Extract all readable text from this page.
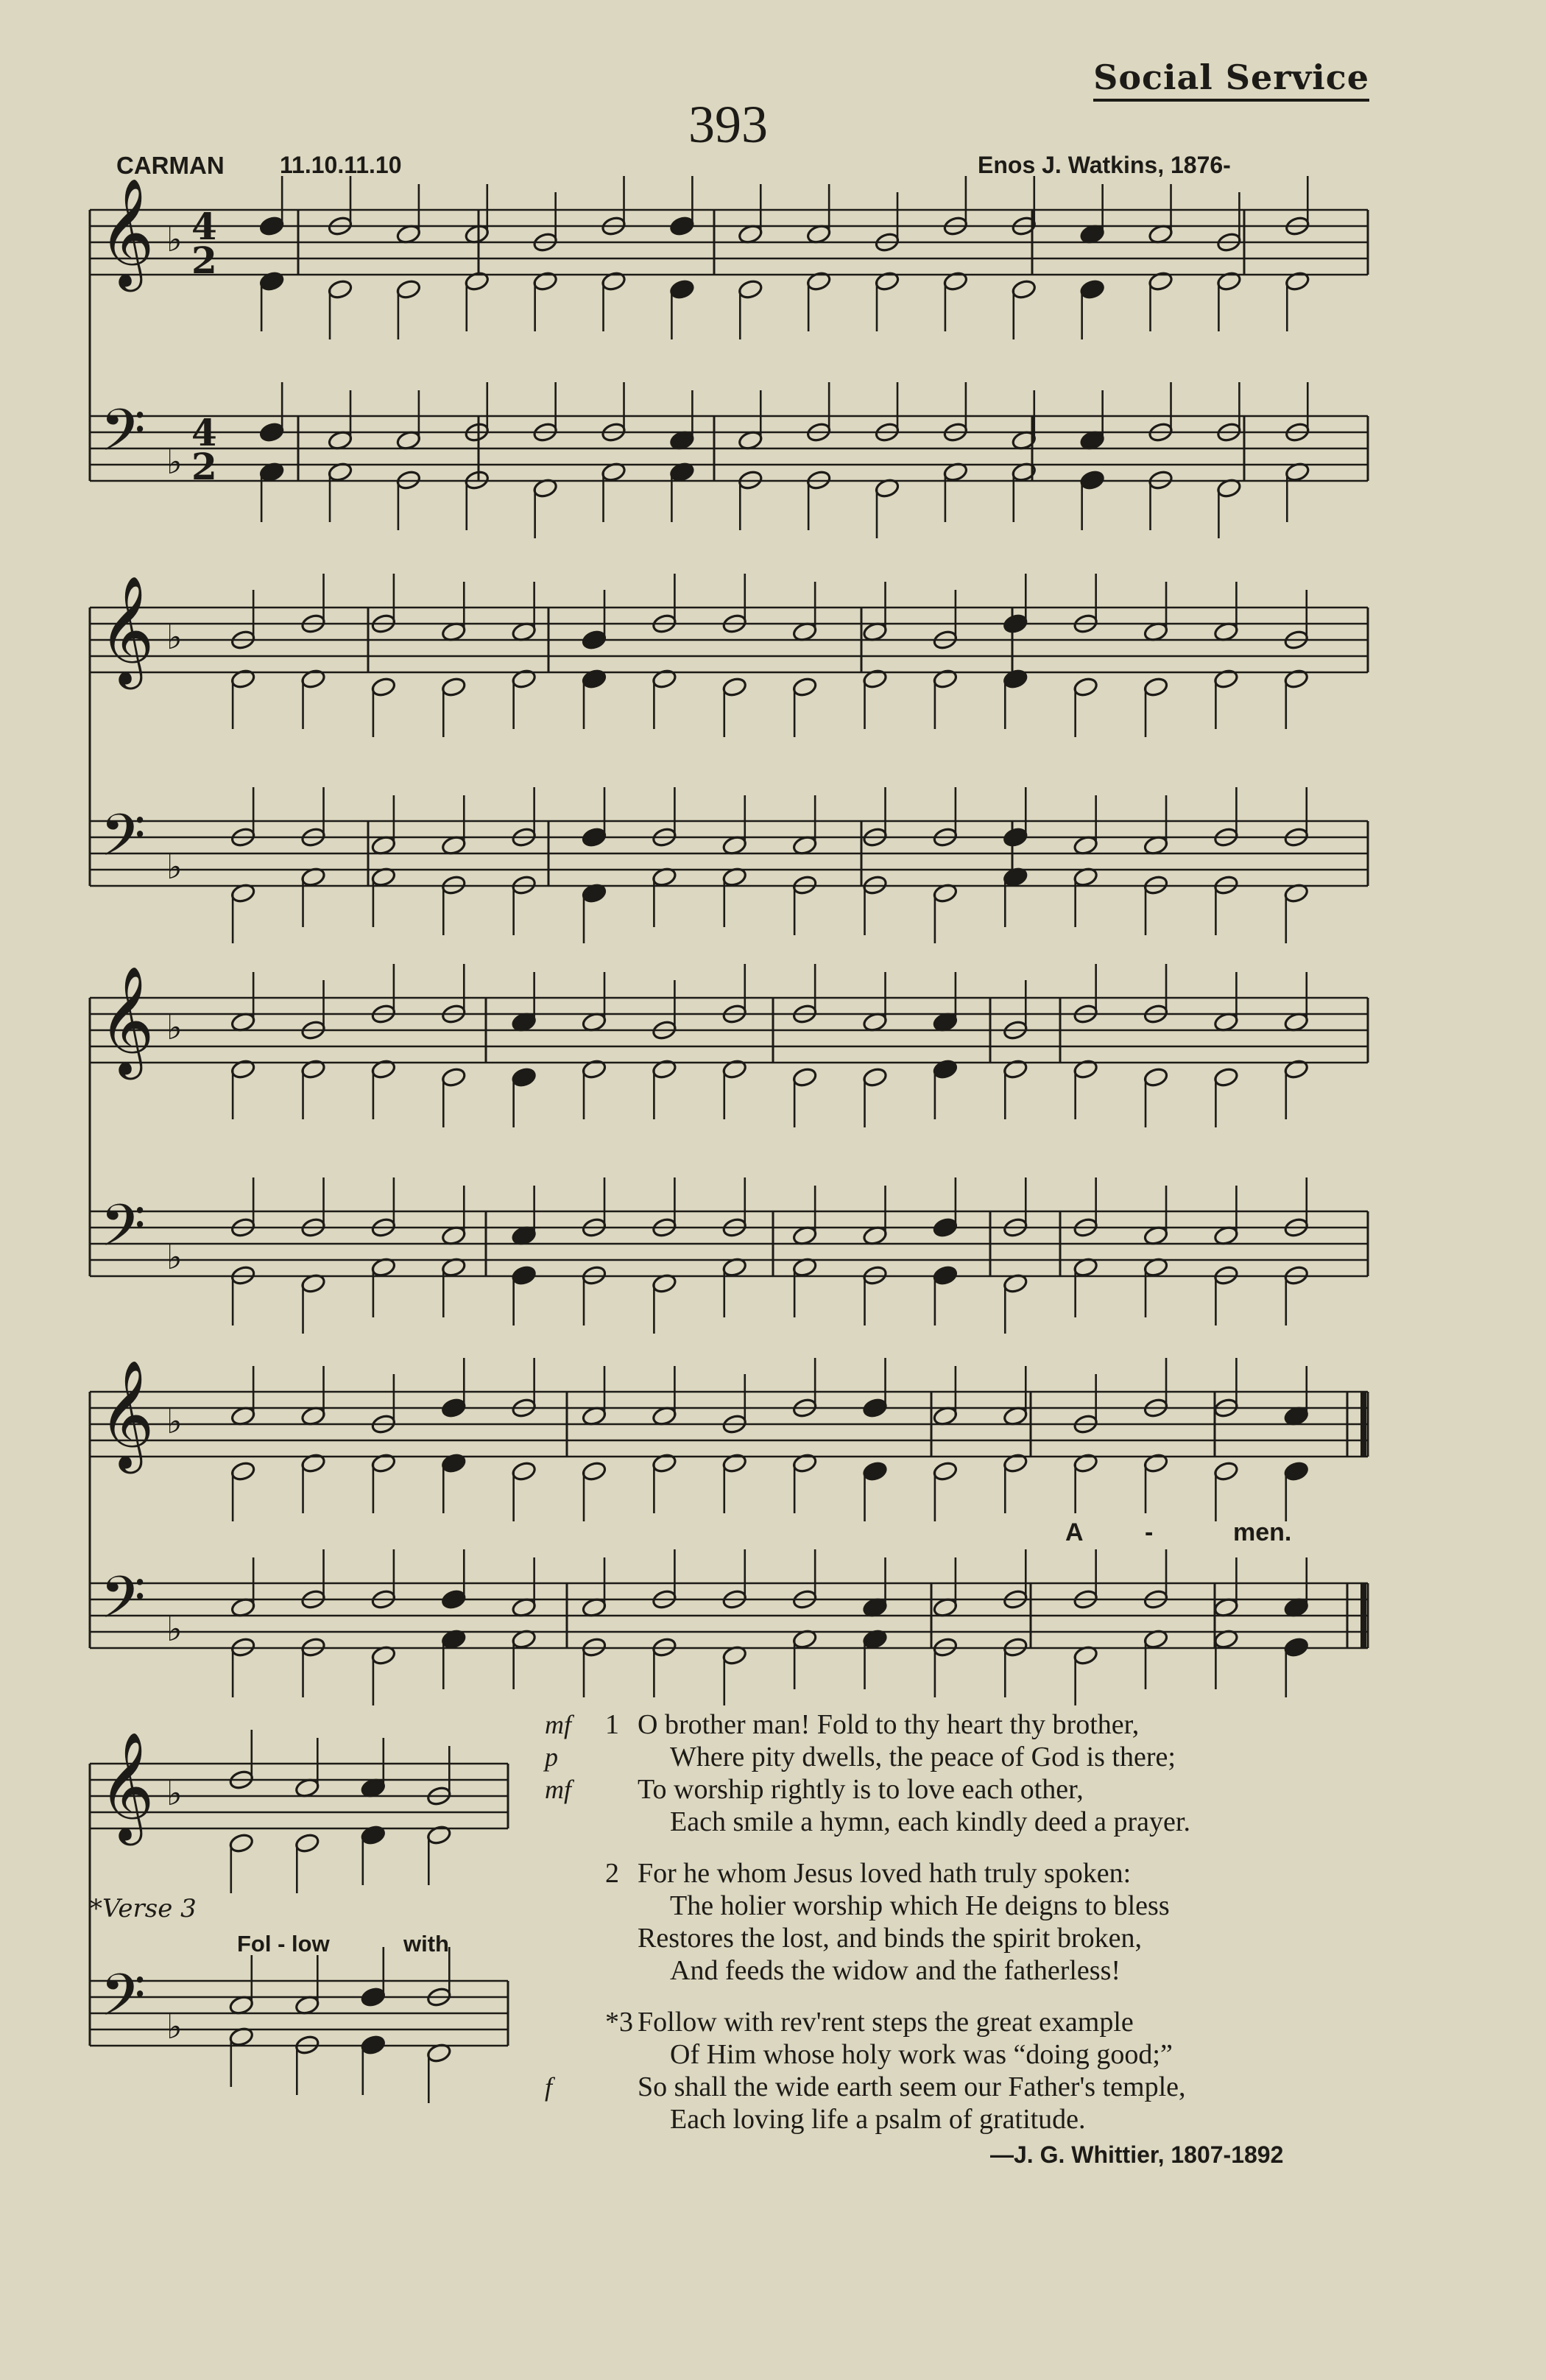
Social Service
393
CARMAN 11.10.11.10	Enos J. Watkins, 1876-
𝄞
𝄢
♭
♭
4
4
2
2
𝄞
𝄢
♭
♭
𝄞
𝄢
♭
♭
𝄞
𝄢
♭
♭
𝄞
𝄢
♭
♭
A -	men.
*Verse 3
Fol - low	with
mf	1 O brother man! Fold to thy heart thy brother,
p	Where pity dwells, the peace of God is there;
mf	To worship rightly is to love each other,
Each smile a hymn, each kindly deed a prayer.
2 For he whom Jesus loved hath truly spoken:
The holier worship which He deigns to bless
Restores the lost, and binds the spirit broken,
And feeds the widow and the fatherless!
*3 Follow with rev'rent steps the great example
Of Him whose holy work was “doing good;”
f	So shall the wide earth seem our Father's temple,
Each loving life a psalm of gratitude.
—J. G. Whittier, 1807-1892
